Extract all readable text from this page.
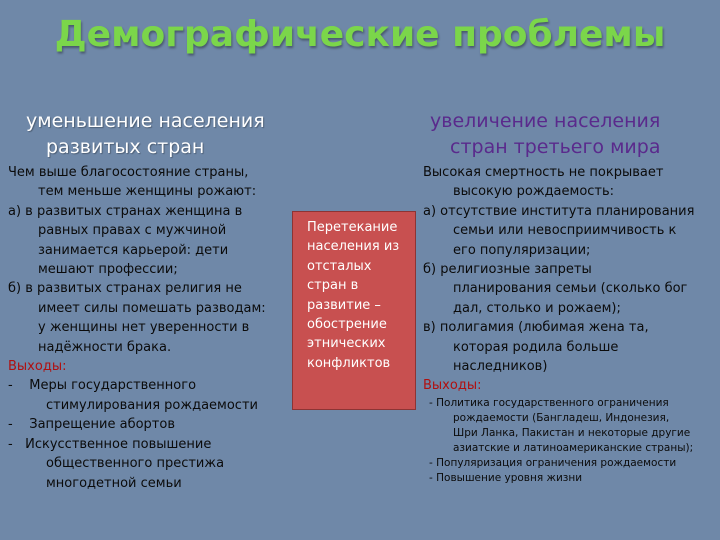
Демографические проблемы
уменьшение населения
развитых стран
увеличение населения
стран третьего мира
Чем выше благосостояние страны,
тем меньше женщины рожают:
а) в развитых странах женщина в
равных правах с мужчиной
занимается карьерой: дети
мешают профессии;
б) в развитых странах религия не
имеет силы помешать разводам:
у женщины нет уверенности в
надёжности брака.
Выходы:
- Меры государственного
стимулирования рождаемости
- Запрещение абортов
- Искусственное повышение
общественного престижа
многодетной семьи
Перетекание
населения из
отсталых
стран в
развитие –
обострение
этнических
конфликтов
Высокая смертность не покрывает
высокую рождаемость:
а) отсутствие института планирования
семьи или невосприимчивость к
его популяризации;
б) религиозные запреты
планирования семьи (сколько бог
дал, столько и рожаем);
в) полигамия (любимая жена та,
которая родила больше
наследников)
Выходы:
- Политика государственного ограничения
рождаемости (Бангладеш, Индонезия,
Шри Ланка, Пакистан и некоторые другие
азиатские и латиноамериканские страны);
- Популяризация ограничения рождаемости
- Повышение уровня жизни
